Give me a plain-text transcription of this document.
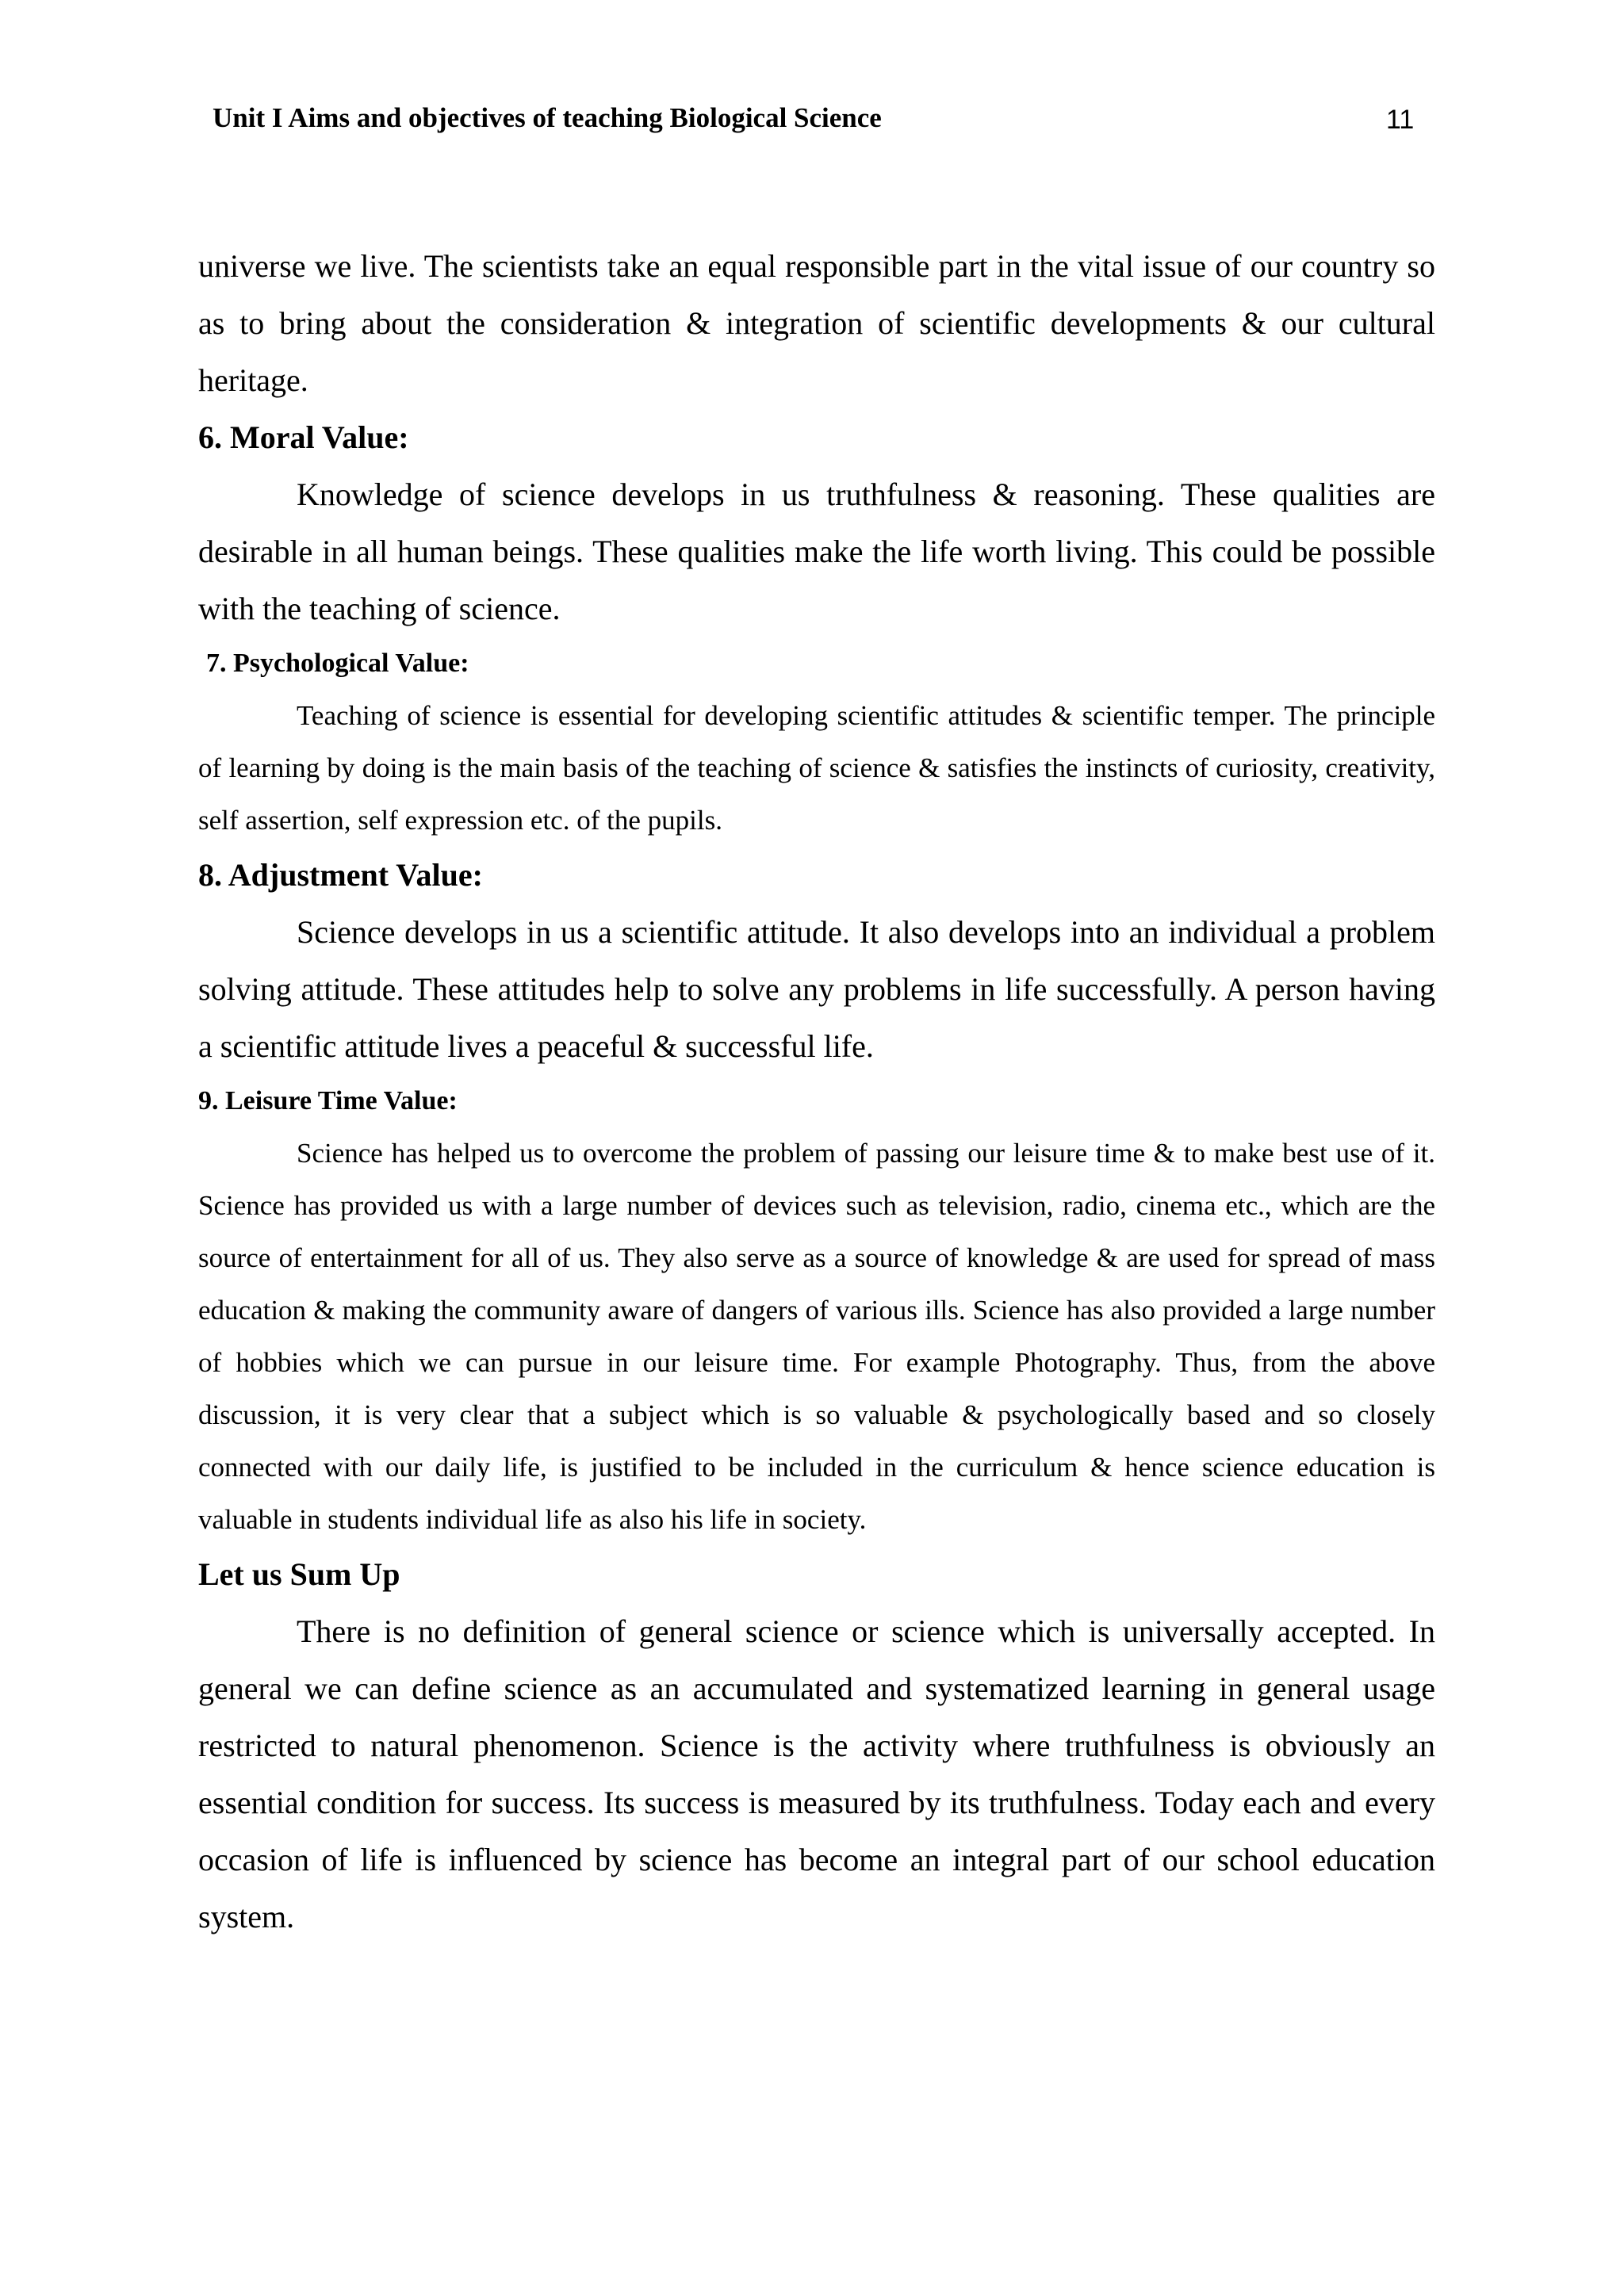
Unit I Aims and objectives of teaching Biological Science	11

universe we live. The scientists take an equal responsible part in the vital issue of our country so as to bring about the consideration & integration of scientific developments & our cultural heritage.

6. Moral Value:

Knowledge of science develops in us truthfulness & reasoning. These qualities are desirable in all human beings. These qualities make the life worth living. This could be possible with the teaching of science.

7. Psychological Value:

Teaching of science is essential for developing scientific attitudes & scientific temper. The principle of learning by doing is the main basis of the teaching of science & satisfies the instincts of curiosity, creativity, self assertion, self expression etc. of the pupils.

8. Adjustment Value:

Science develops in us a scientific attitude. It also develops into an individual a problem solving attitude. These attitudes help to solve any problems in life successfully. A person having a scientific attitude lives a peaceful & successful life.

9. Leisure Time Value:

Science has helped us to overcome the problem of passing our leisure time & to make best use of it. Science has provided us with a large number of devices such as television, radio, cinema etc., which are the source of entertainment for all of us. They also serve as a source of knowledge & are used for spread of mass education & making the community aware of dangers of various ills. Science has also provided a large number of hobbies which we can pursue in our leisure time. For example Photography. Thus, from the above discussion, it is very clear that a subject which is so valuable & psychologically based and so closely connected with our daily life, is justified to be included in the curriculum & hence science education is valuable in students individual life as also his life in society.

Let us Sum Up

There is no definition of general science or science which is universally accepted. In general we can define science as an accumulated and systematized learning in general usage restricted to natural phenomenon. Science is the activity where truthfulness is obviously an essential condition for success. Its success is measured by its truthfulness. Today each and every occasion of life is influenced by science has become an integral part of our school education system.
